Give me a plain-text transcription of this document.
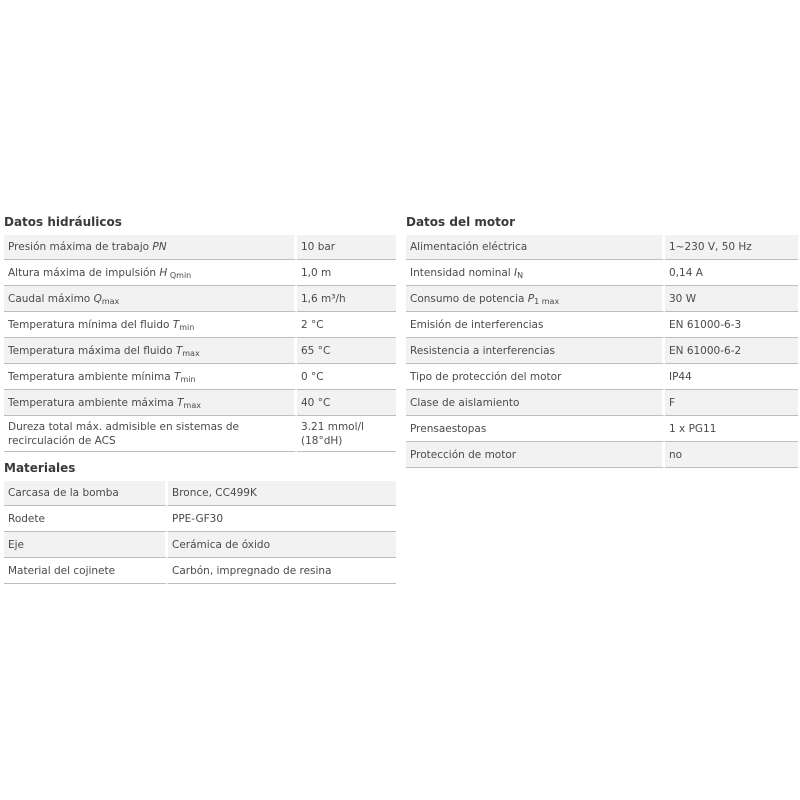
Datos hidráulicos
Presión máxima de trabajo PN	10 bar
Altura máxima de impulsión H $_{Qmin}$	1,0 m
Caudal máximo $Q_{max}$	1,6 m³/h
Temperatura mínima del fluido $T_{min}$	2 °C
Temperatura máxima del fluido $T_{max}$	65 °C
Temperatura ambiente mínima $T_{min}$	0 °C
Temperatura ambiente máxima $T_{max}$	40 °C
Dureza total máx. admisible en sistemas de recirculación de ACS	3.21 mmol/l (18°dH)
Materiales
Carcasa de la bomba	Bronce, CC499K
Rodete	PPE-GF30
Eje	Cerámica de óxido
Material del cojinete	Carbón, impregnado de resina
Datos del motor
Alimentación eléctrica	1~230 V, 50 Hz
Intensidad nominal $I_N$	0,14 A
Consumo de potencia $P_{1 max}$	30 W
Emisión de interferencias	EN 61000-6-3
Resistencia a interferencias	EN 61000-6-2
Tipo de protección del motor	IP44
Clase de aislamiento	F
Prensaestopas	1 x PG11
Protección de motor	no
